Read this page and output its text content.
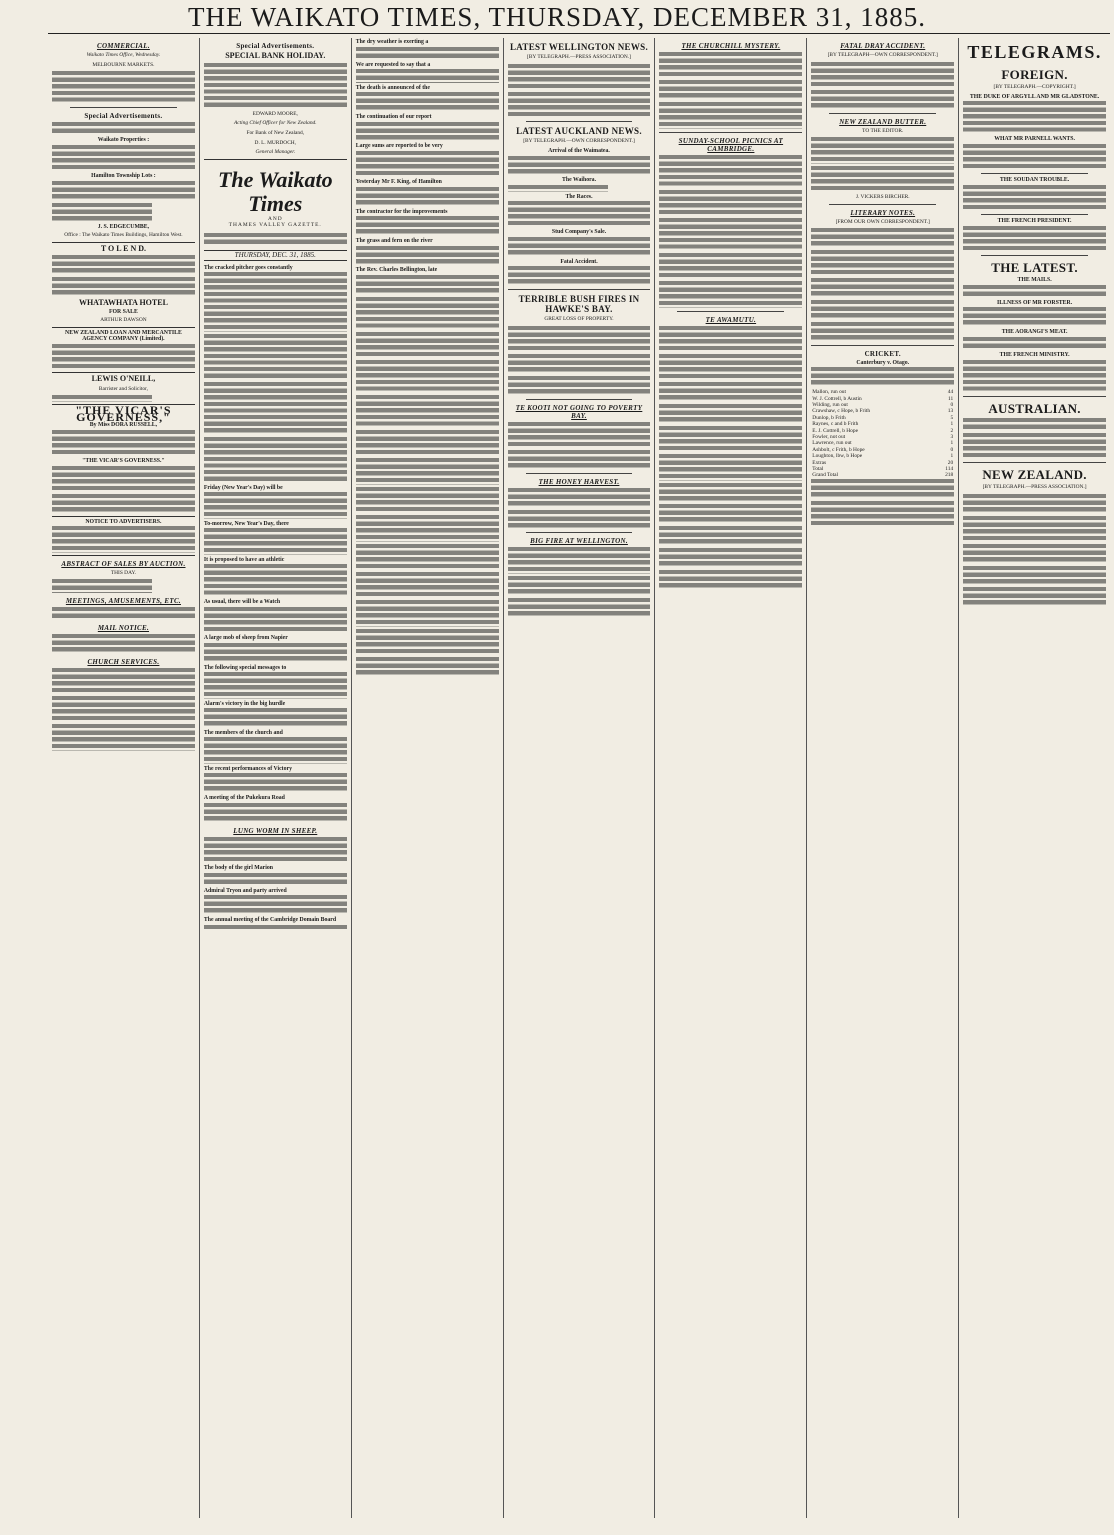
THE WAIKATO TIMES, THURSDAY, DECEMBER 31, 1885.
COMMERCIAL.
Waikato Times Office, Wednesday.
MELBOURNE MARKETS.

Special Advertisements.

Waikato Properties :

Hamilton Township Lots :

J. S. EDGECUMBE,
Office : The Waikato Times Buildings, Hamilton West.
T O L E N D.

WHATAWHATA HOTEL
FOR SALE
ARTHUR DAWSON
NEW ZEALAND LOAN AND MERCANTILE AGENCY COMPANY (Limited).

LEWIS O'NEILL,
Barrister and Solicitor,

"THE VICAR'S GOVERNESS,"
By Miss DORA RUSSELL,

"THE VICAR'S GOVERNESS."

NOTICE TO ADVERTISERS.

ABSTRACT OF SALES BY AUCTION.
THIS DAY.

MEETINGS, AMUSEMENTS, ETC.

MAIL NOTICE.

CHURCH SERVICES.

Special Advertisements.
SPECIAL BANK HOLIDAY.

EDWARD MOORE,
Acting Chief Officer for New Zealand.
For Bank of New Zealand,
D. L. MURDOCH,
General Manager.
The Waikato Times
AND
THAMES VALLEY GAZETTE.

THURSDAY, DEC. 31, 1885.
The cracked pitcher goes constantly

Friday (New Year's Day) will be

To-morrow, New Year's Day, there

It is proposed to have an athletic

As usual, there will be a Watch

A large mob of sheep from Napier

The following special messages to

Alarm's victory in the big hurdle

The members of the church and

The recent performances of Victory

A meeting of the Pukekura Road

LUNG WORM IN SHEEP.

The body of the girl Marion

Admiral Tryon and party arrived

The annual meeting of the Cambridge Domain Board

The dry weather is exerting a

We are requested to say that a

The death is announced of the

The continuation of our report

Large sums are reported to be very

Yesterday Mr F. King, of Hamilton

The contractor for the improvements

The grass and fern on the river

The Rev. Charles Bellington, late

LATEST WELLINGTON NEWS.
[BY TELEGRAPH.—PRESS ASSOCIATION.]

LATEST AUCKLAND NEWS.
[BY TELEGRAPH.—OWN CORRESPONDENT.]
Arrival of the Waimatea.

The Waihora.

The Races.

Stud Company's Sale.

Fatal Accident.

TERRIBLE BUSH FIRES IN HAWKE'S BAY.
GREAT LOSS OF PROPERTY.

TE KOOTI NOT GOING TO POVERTY BAY.

THE HONEY HARVEST.

BIG FIRE AT WELLINGTON.

THE CHURCHILL MYSTERY.

SUNDAY-SCHOOL PICNICS AT CAMBRIDGE.

TE AWAMUTU.

FATAL DRAY ACCIDENT.
[BY TELEGRAPH—OWN CORRESPONDENT.]

NEW ZEALAND BUTTER.
TO THE EDITOR.

J. VICKERS BIRCHER.
LITERARY NOTES.
[FROM OUR OWN CORRESPONDENT.]

CRICKET.
Canterbury v. Otago.

Mallon, run out	44
W. J. Cottrell, b Austin	11
Wilding, run out	0
Crawshaw, c Hope, b Frith	13
Dunlop, b Frith	5
Raynes, c and b Frith	1
E. J. Cottrell, b Hope	2
Fowler, not out	3
Lawrence, run out	1
Ashbolt, c Frith, b Hope	0
Loughton, lbw, b Hope	1
Extras	20
Total	114
Grand Total	218

TELEGRAMS.
FOREIGN.
[BY TELEGRAPH.—COPYRIGHT.]
THE DUKE OF ARGYLL AND MR GLADSTONE.

WHAT MR PARNELL WANTS.

THE SOUDAN TROUBLE.

THE FRENCH PRESIDENT.

THE LATEST.
THE MAILS.

ILLNESS OF MR FORSTER.

THE AORANGI'S MEAT.

THE FRENCH MINISTRY.

AUSTRALIAN.

NEW ZEALAND.
[BY TELEGRAPH.—PRESS ASSOCIATION.]
